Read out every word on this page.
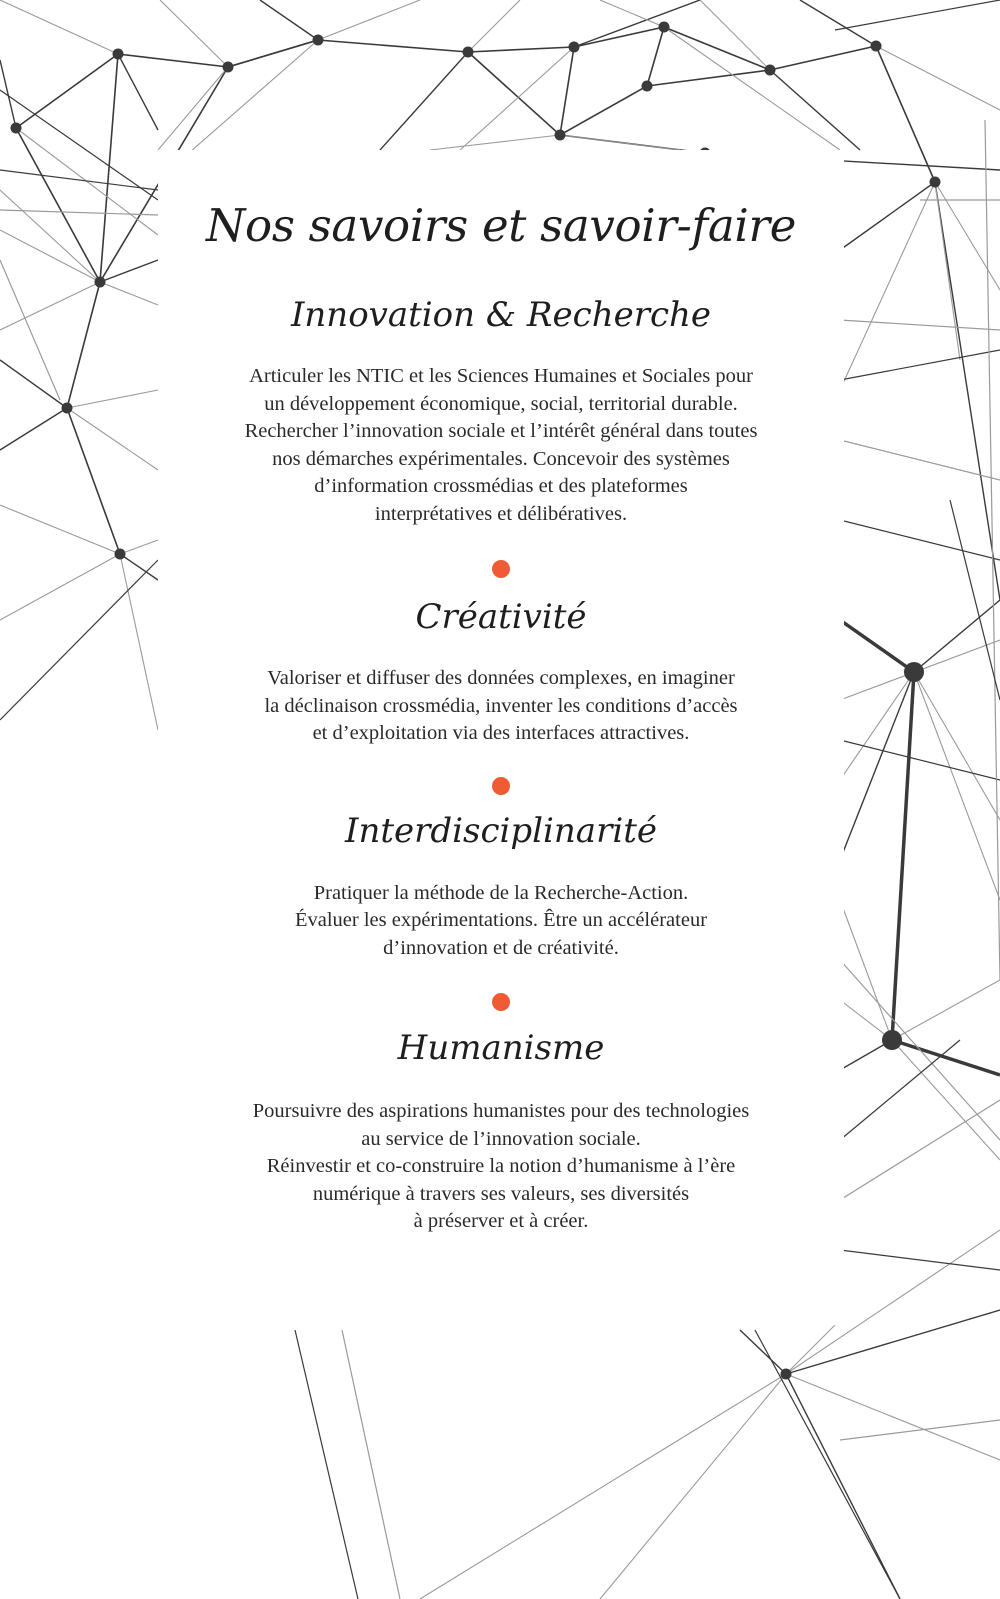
Nos savoirs et savoir-faire
Innovation & Recherche

Articuler les NTIC et les Sciences Humaines et Sociales pour
un développement économique, social, territorial durable.
Rechercher l’innovation sociale et l’intérêt général dans toutes
nos démarches expérimentales. Concevoir des systèmes
d’information crossmédias et des plateformes
interprétatives et délibératives.

Créativité

Valoriser et diffuser des données complexes, en imaginer
la déclinaison crossmédia, inventer les conditions d’accès
et d’exploitation via des interfaces attractives.

Interdisciplinarité

Pratiquer la méthode de la Recherche-Action.
Évaluer les expérimentations. Être un accélérateur
d’innovation et de créativité.

Humanisme

Poursuivre des aspirations humanistes pour des technologies
au service de l’innovation sociale.
Réinvestir et co-construire la notion d’humanisme à l’ère
numérique à travers ses valeurs, ses diversités
à préserver et à créer.
